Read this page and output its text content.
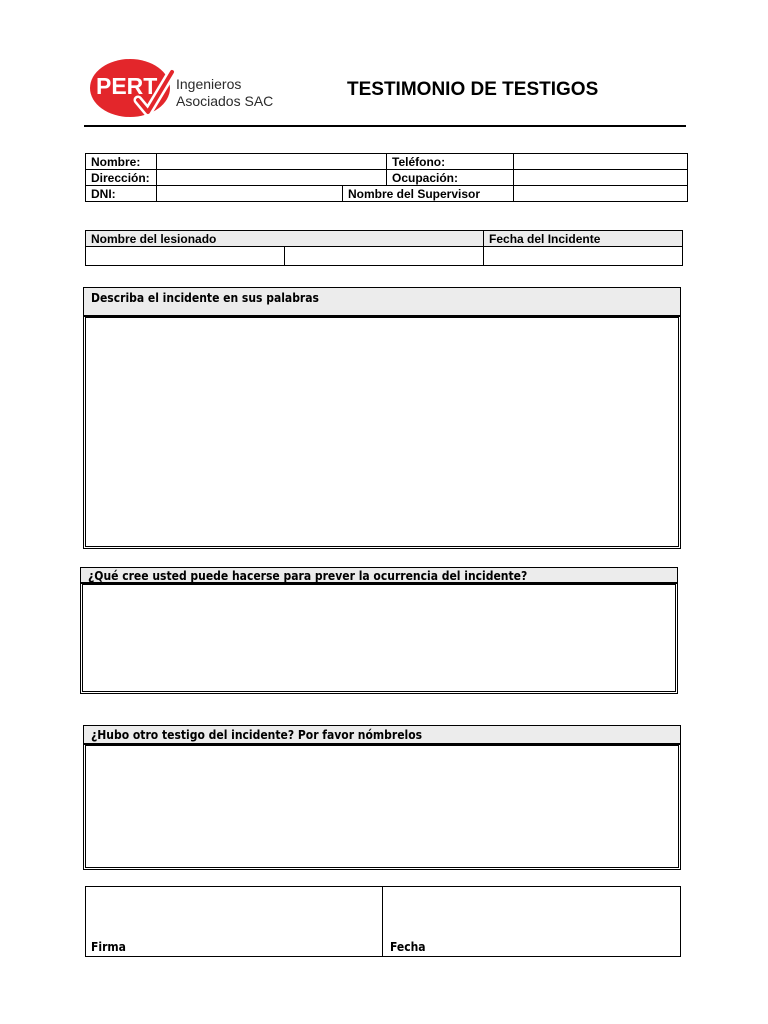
PERT Ingenieros
Asociados SAC
TESTIMONIO DE TESTIGOS
Nombre:			Teléfono:	
Dirección:			Ocupación:	
DNI:		Nombre del Supervisor		
Nombre del lesionado		Fecha del Incidente

Describa el incidente en sus palabras
¿Qué cree usted puede hacerse para prever la ocurrencia del incidente?
¿Hubo otro testigo del incidente? Por favor nómbrelos
Firma	Fecha
